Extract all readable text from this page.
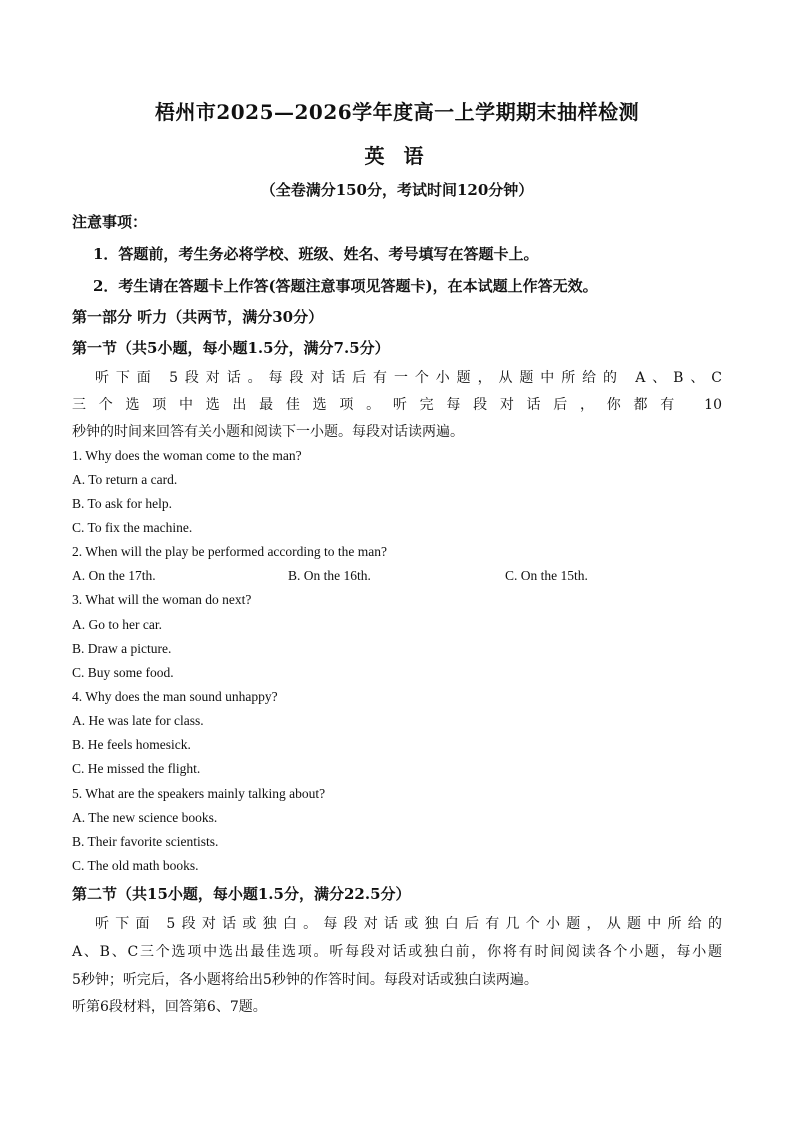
梧州市2025—2026学年度高一上学期期末抽样检测
英 语
（全卷满分150分，考试时间120分钟）
注意事项：
1．答题前，考生务必将学校、班级、姓名、考号填写在答题卡上。
2．考生请在答题卡上作答(答题注意事项见答题卡)，在本试题上作答无效。
第一部分 听力（共两节，满分30分）
第一节（共5小题，每小题1.5分，满分7.5分）
听下面 5段对话。每段对话后有一个小题，从题中所给的 A、B、C
三个选项中选出最佳选项。听完每段对话后，你都有 10
秒钟的时间来回答有关小题和阅读下一小题。每段对话读两遍。
1. Why does the woman come to the man?
A. To return a card.
B. To ask for help.
C. To fix the machine.
2. When will the play be performed according to the man?
A. On the 17th.	B. On the 16th.	C. On the 15th.
3. What will the woman do next?
A. Go to her car.
B. Draw a picture.
C. Buy some food.
4. Why does the man sound unhappy?
A. He was late for class.
B. He feels homesick.
C. He missed the flight.
5. What are the speakers mainly talking about?
A. The new science books.
B. Their favorite scientists.
C. The old math books.
第二节（共15小题，每小题1.5分，满分22.5分）
听下面 5段对话或独白。每段对话或独白后有几个小题，从题中所给的
A、B、C三个选项中选出最佳选项。听每段对话或独白前，你将有时间阅读各个小题，每小题
5秒钟；听完后，各小题将给出5秒钟的作答时间。每段对话或独白读两遍。
听第6段材料，回答第6、7题。
